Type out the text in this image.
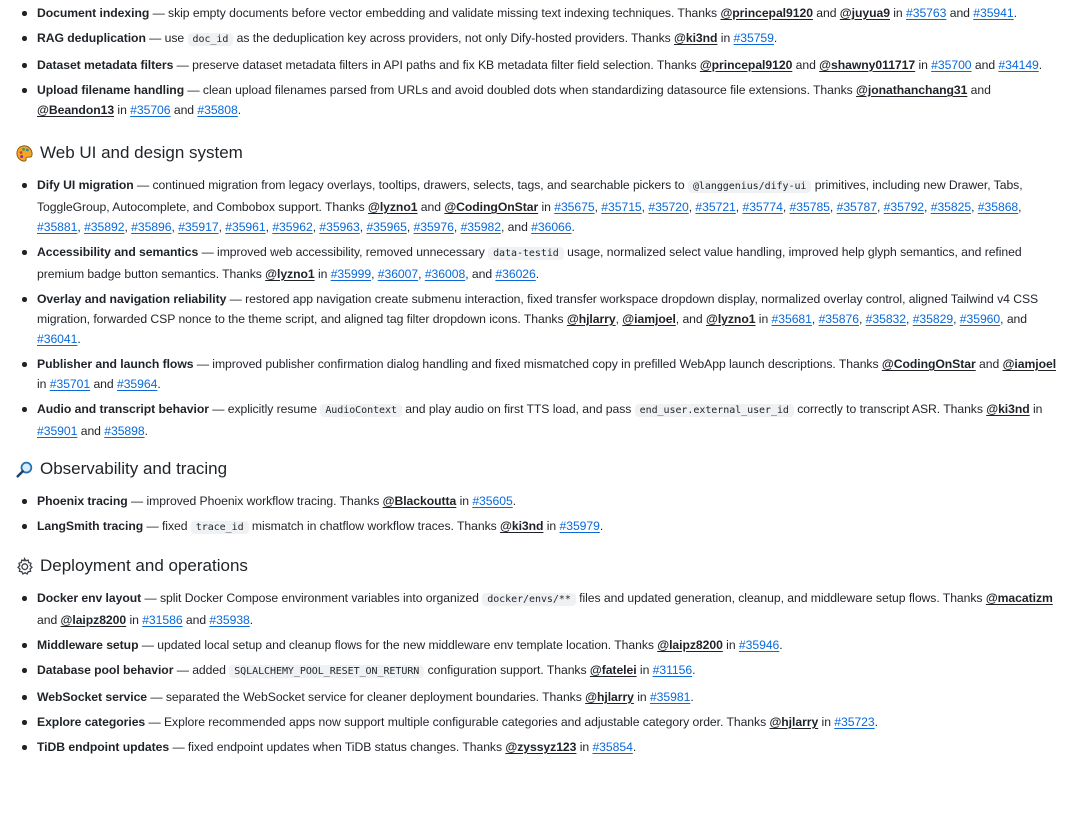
Document indexing — skip empty documents before vector embedding and validate missing text indexing techniques. Thanks @princepal9120 and @juyua9 in #35763 and #35941.
RAG deduplication — use doc_id as the deduplication key across providers, not only Dify-hosted providers. Thanks @ki3nd in #35759.
Dataset metadata filters — preserve dataset metadata filters in API paths and fix KB metadata filter field selection. Thanks @princepal9120 and @shawny011717 in #35700 and #34149.
Upload filename handling — clean upload filenames parsed from URLs and avoid doubled dots when standardizing datasource file extensions. Thanks @jonathanchang31 and @Beandon13 in #35706 and #35808.
Web UI and design system
Dify UI migration — continued migration from legacy overlays, tooltips, drawers, selects, tags, and searchable pickers to @langgenius/dify-ui primitives, including new Drawer, Tabs, ToggleGroup, Autocomplete, and Combobox support. Thanks @lyzno1 and @CodingOnStar in #35675, #35715, #35720, #35721, #35774, #35785, #35787, #35792, #35825, #35868, #35881, #35892, #35896, #35917, #35961, #35962, #35963, #35965, #35976, #35982, and #36066.
Accessibility and semantics — improved web accessibility, removed unnecessary data-testid usage, normalized select value handling, improved help glyph semantics, and refined premium badge button semantics. Thanks @lyzno1 in #35999, #36007, #36008, and #36026.
Overlay and navigation reliability — restored app navigation create submenu interaction, fixed transfer workspace dropdown display, normalized overlay control, aligned Tailwind v4 CSS migration, forwarded CSP nonce to the theme script, and aligned tag filter dropdown icons. Thanks @hjlarry, @iamjoel, and @lyzno1 in #35681, #35876, #35832, #35829, #35960, and #36041.
Publisher and launch flows — improved publisher confirmation dialog handling and fixed mismatched copy in prefilled WebApp launch descriptions. Thanks @CodingOnStar and @iamjoel in #35701 and #35964.
Audio and transcript behavior — explicitly resume AudioContext and play audio on first TTS load, and pass end_user.external_user_id correctly to transcript ASR. Thanks @ki3nd in #35901 and #35898.
Observability and tracing
Phoenix tracing — improved Phoenix workflow tracing. Thanks @Blackoutta in #35605.
LangSmith tracing — fixed trace_id mismatch in chatflow workflow traces. Thanks @ki3nd in #35979.
Deployment and operations
Docker env layout — split Docker Compose environment variables into organized docker/envs/** files and updated generation, cleanup, and middleware setup flows. Thanks @macatizm and @laipz8200 in #31586 and #35938.
Middleware setup — updated local setup and cleanup flows for the new middleware env template location. Thanks @laipz8200 in #35946.
Database pool behavior — added SQLALCHEMY_POOL_RESET_ON_RETURN configuration support. Thanks @fatelei in #31156.
WebSocket service — separated the WebSocket service for cleaner deployment boundaries. Thanks @hjlarry in #35981.
Explore categories — Explore recommended apps now support multiple configurable categories and adjustable category order. Thanks @hjlarry in #35723.
TiDB endpoint updates — fixed endpoint updates when TiDB status changes. Thanks @zyssyz123 in #35854.
